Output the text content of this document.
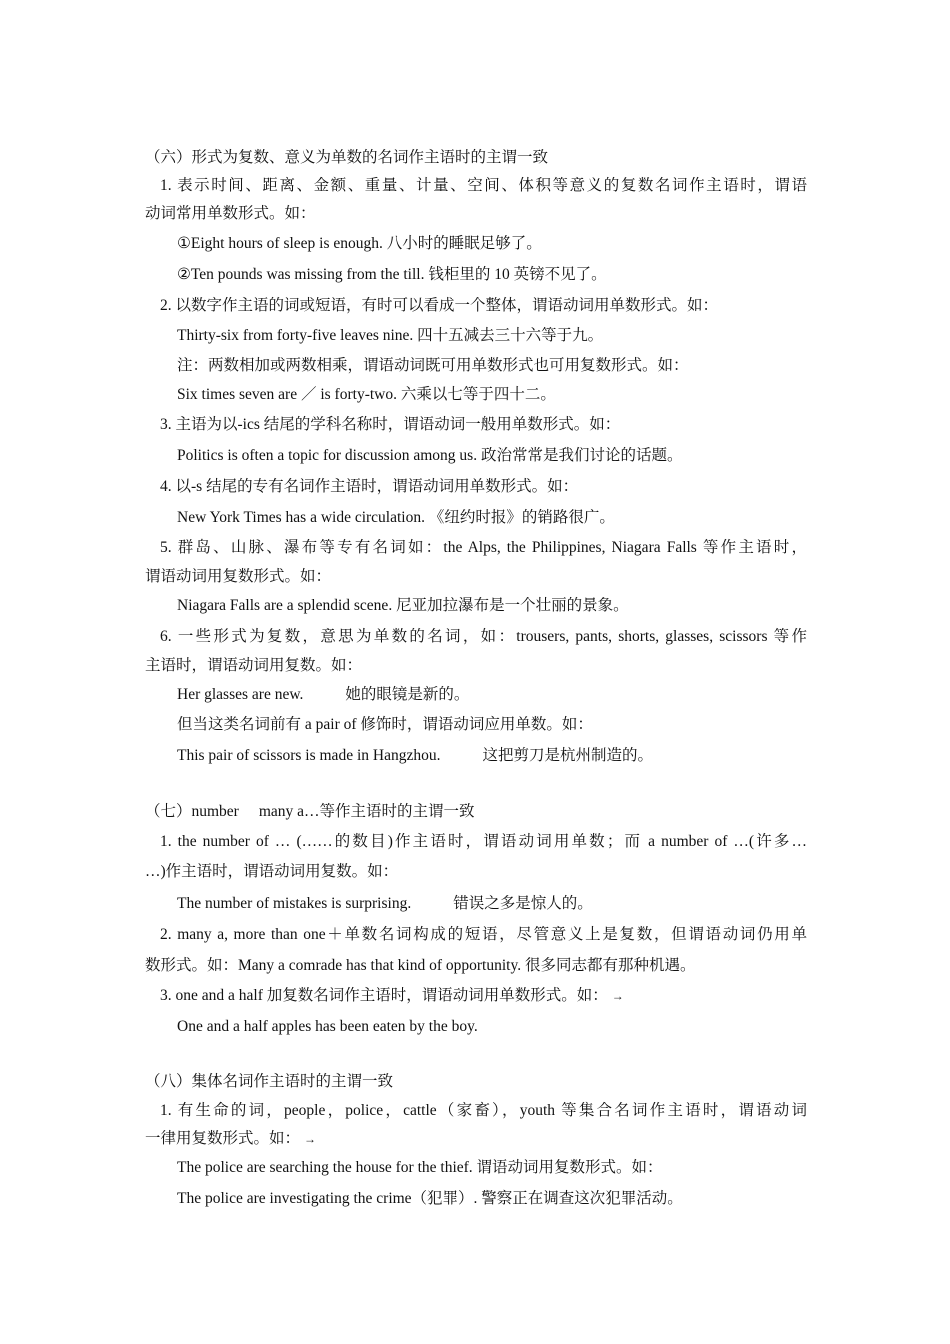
（六）形式为复数、意义为单数的名词作主语时的主谓一致
1. 表示时间、距离、金额、重量、计量、空间、体积等意义的复数名词作主语时，谓语
动词常用单数形式。如：
①Eight hours of sleep is enough. 八小时的睡眠足够了。
②Ten pounds was missing from the till. 钱柜里的 10 英镑不见了。
2. 以数字作主语的词或短语，有时可以看成一个整体，谓语动词用单数形式。如：
Thirty-six from forty-five leaves nine. 四十五减去三十六等于九。
注：两数相加或两数相乘，谓语动词既可用单数形式也可用复数形式。如：
Six times seven are ／ is forty-two. 六乘以七等于四十二。
3. 主语为以-ics 结尾的学科名称时，谓语动词一般用单数形式。如：
Politics is often a topic for discussion among us. 政治常常是我们讨论的话题。
4. 以-s 结尾的专有名词作主语时，谓语动词用单数形式。如：
New York Times has a wide circulation. 《纽约时报》的销路很广。
5. 群岛、山脉、瀑布等专有名词如：the Alps, the Philippines, Niagara Falls 等作主语时，
谓语动词用复数形式。如：
Niagara Falls are a splendid scene. 尼亚加拉瀑布是一个壮丽的景象。
6. 一些形式为复数，意思为单数的名词，如：trousers, pants, shorts, glasses, scissors 等作
主语时，谓语动词用复数。如：
Her glasses are new.	她的眼镜是新的。
但当这类名词前有 a pair of 修饰时，谓语动词应用单数。如：
This pair of scissors is made in Hangzhou.	这把剪刀是杭州制造的。
（七）number many a…等作主语时的主谓一致
1. the number of … (……的数目)作主语时，谓语动词用单数；而 a number of …(许多…
…)作主语时，谓语动词用复数。如：
The number of mistakes is surprising.	错误之多是惊人的。
2. many a, more than one＋单数名词构成的短语，尽管意义上是复数，但谓语动词仍用单
数形式。如：Many a comrade has that kind of opportunity. 很多同志都有那种机遇。
3. one and a half 加复数名词作主语时，谓语动词用单数形式。如： →
One and a half apples has been eaten by the boy.
（八）集体名词作主语时的主谓一致
1. 有生命的词，people，police，cattle（家畜），youth 等集合名词作主语时，谓语动词
一律用复数形式。如： →
The police are searching the house for the thief. 谓语动词用复数形式。如：
The police are investigating the crime（犯罪）. 警察正在调查这次犯罪活动。
